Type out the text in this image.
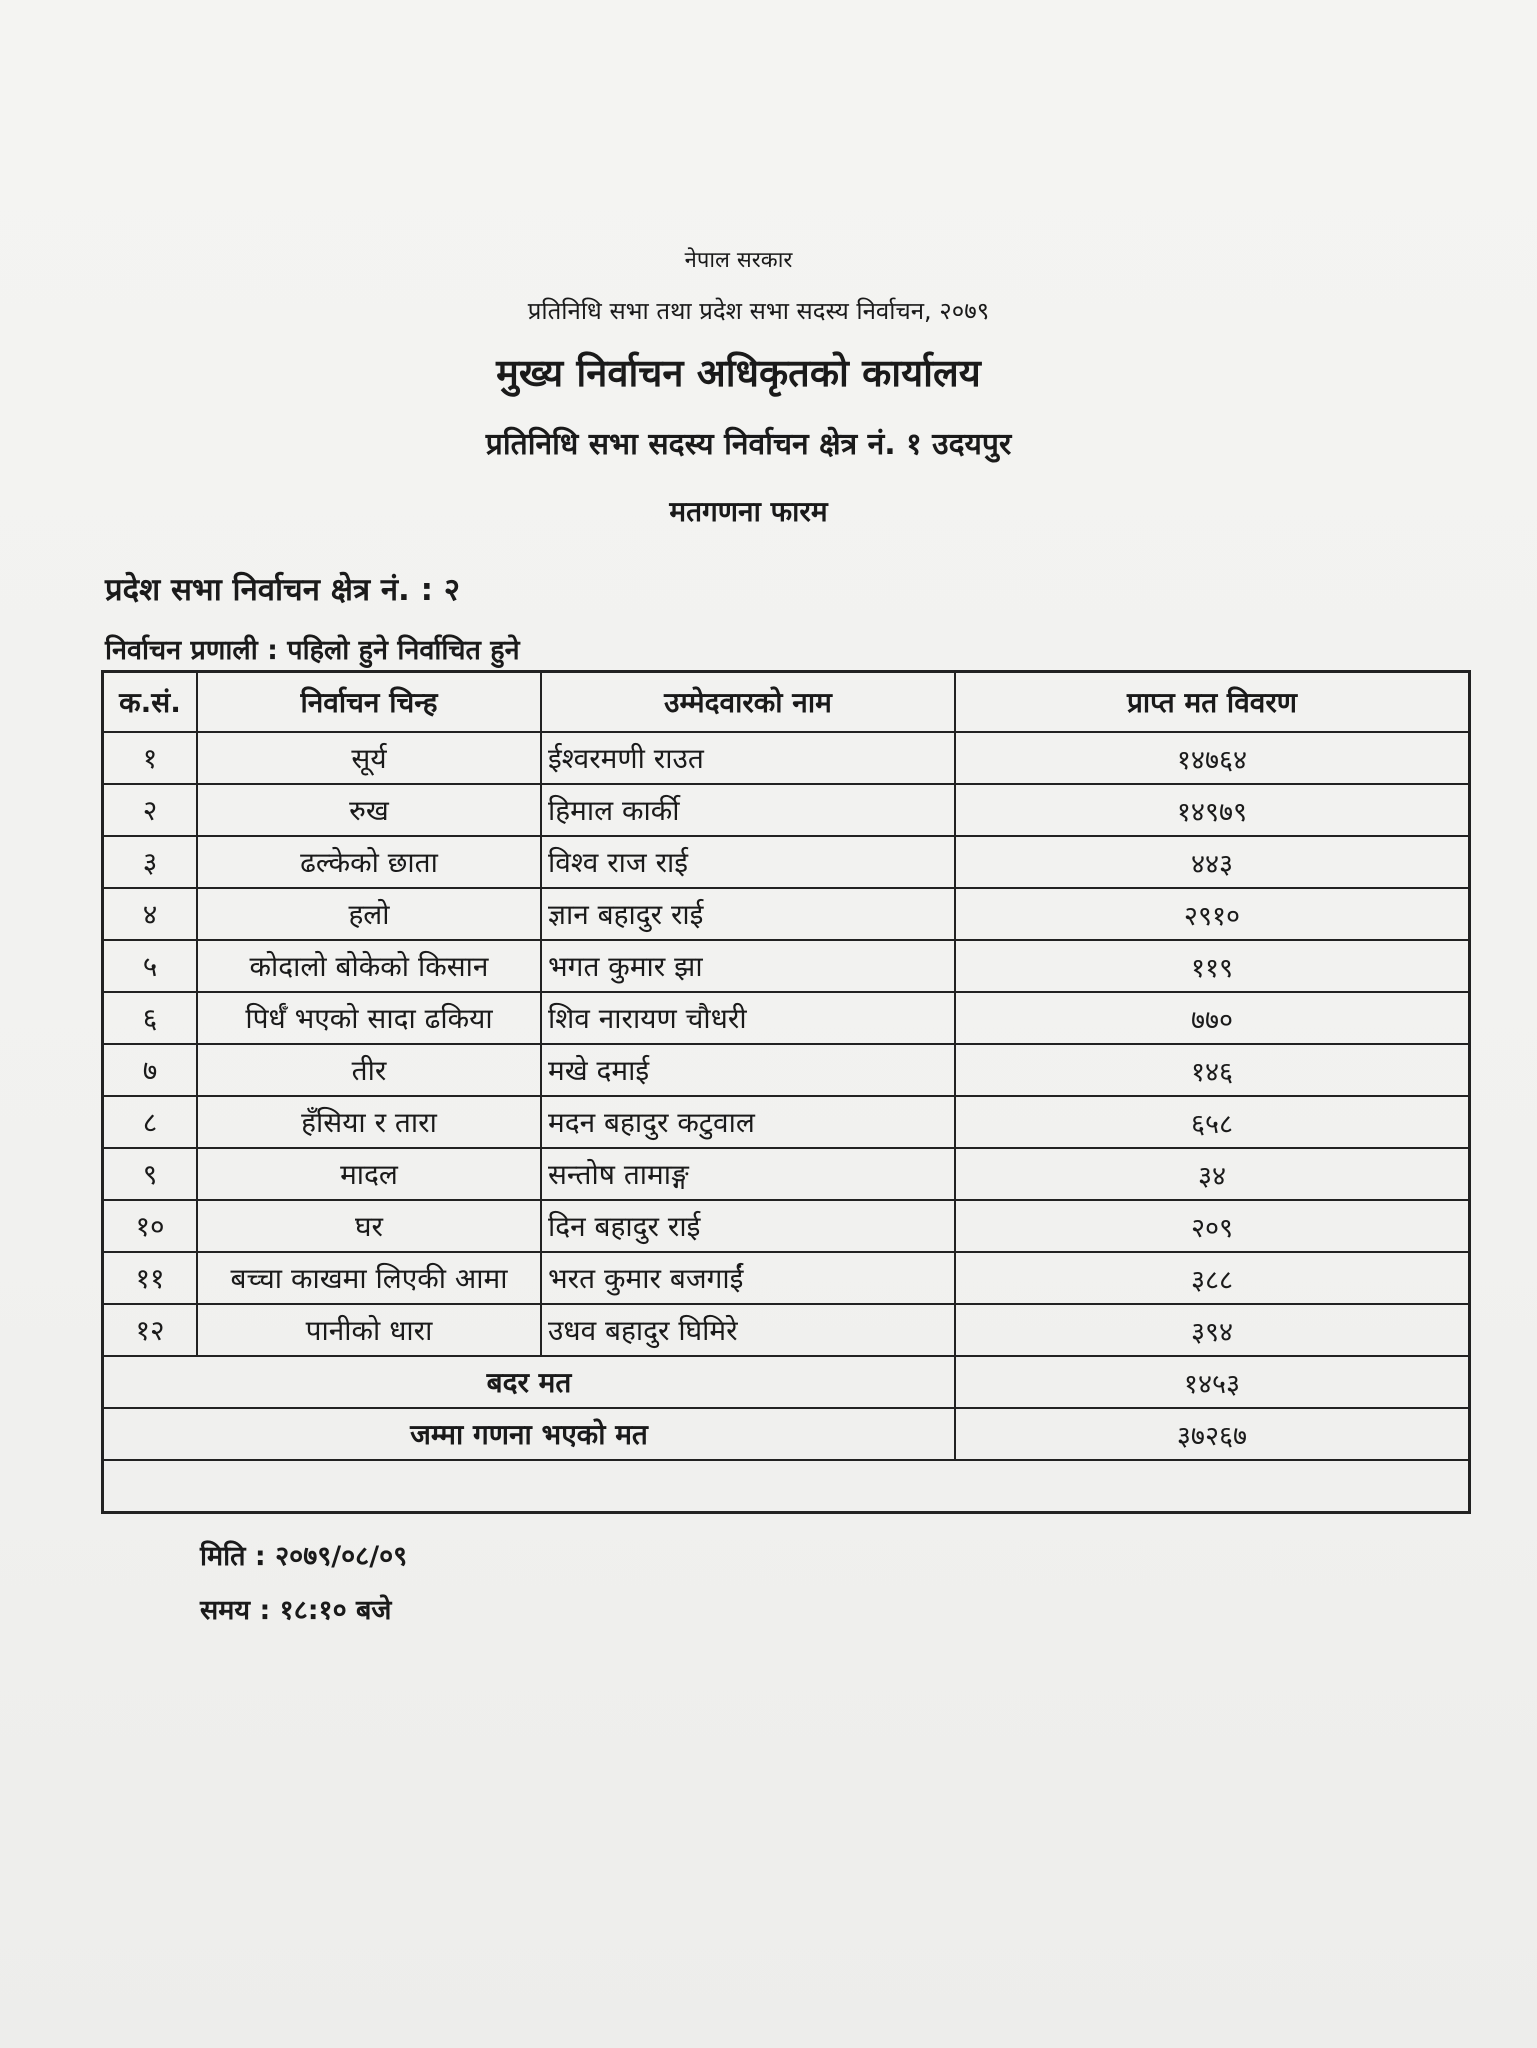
नेपाल सरकार
प्रतिनिधि सभा तथा प्रदेश सभा सदस्य निर्वाचन, २०७९
मुख्य निर्वाचन अधिकृतको कार्यालय
प्रतिनिधि सभा सदस्य निर्वाचन क्षेत्र नं. १ उदयपुर
मतगणना फारम
प्रदेश सभा निर्वाचन क्षेत्र नं. : २
निर्वाचन प्रणाली : पहिलो हुने निर्वाचित हुने
क.सं.	निर्वाचन चिन्ह	उम्मेदवारको नाम	प्राप्त मत विवरण
१	सूर्य	ईश्वरमणी राउत	१४७६४
२	रुख	हिमाल कार्की	१४९७९
३	ढल्केको छाता	विश्व राज राई	४४३
४	हलो	ज्ञान बहादुर राई	२९१०
५	कोदालो बोकेको किसान	भगत कुमार झा	११९
६	पिर्धँ भएको सादा ढकिया	शिव नारायण चौधरी	७७०
७	तीर	मखे दमाई	१४६
८	हँसिया र तारा	मदन बहादुर कटुवाल	६५८
९	मादल	सन्तोष तामाङ्ग	३४
१०	घर	दिन बहादुर राई	२०९
११	बच्चा काखमा लिएकी आमा	भरत कुमार बजगाईं	३८८
१२	पानीको धारा	उधव बहादुर घिमिरे	३९४
बदर मत			१४५३
जम्मा गणना भएको मत			३७२६७

मिति : २०७९/०८/०९
समय : १८:१० बजे
